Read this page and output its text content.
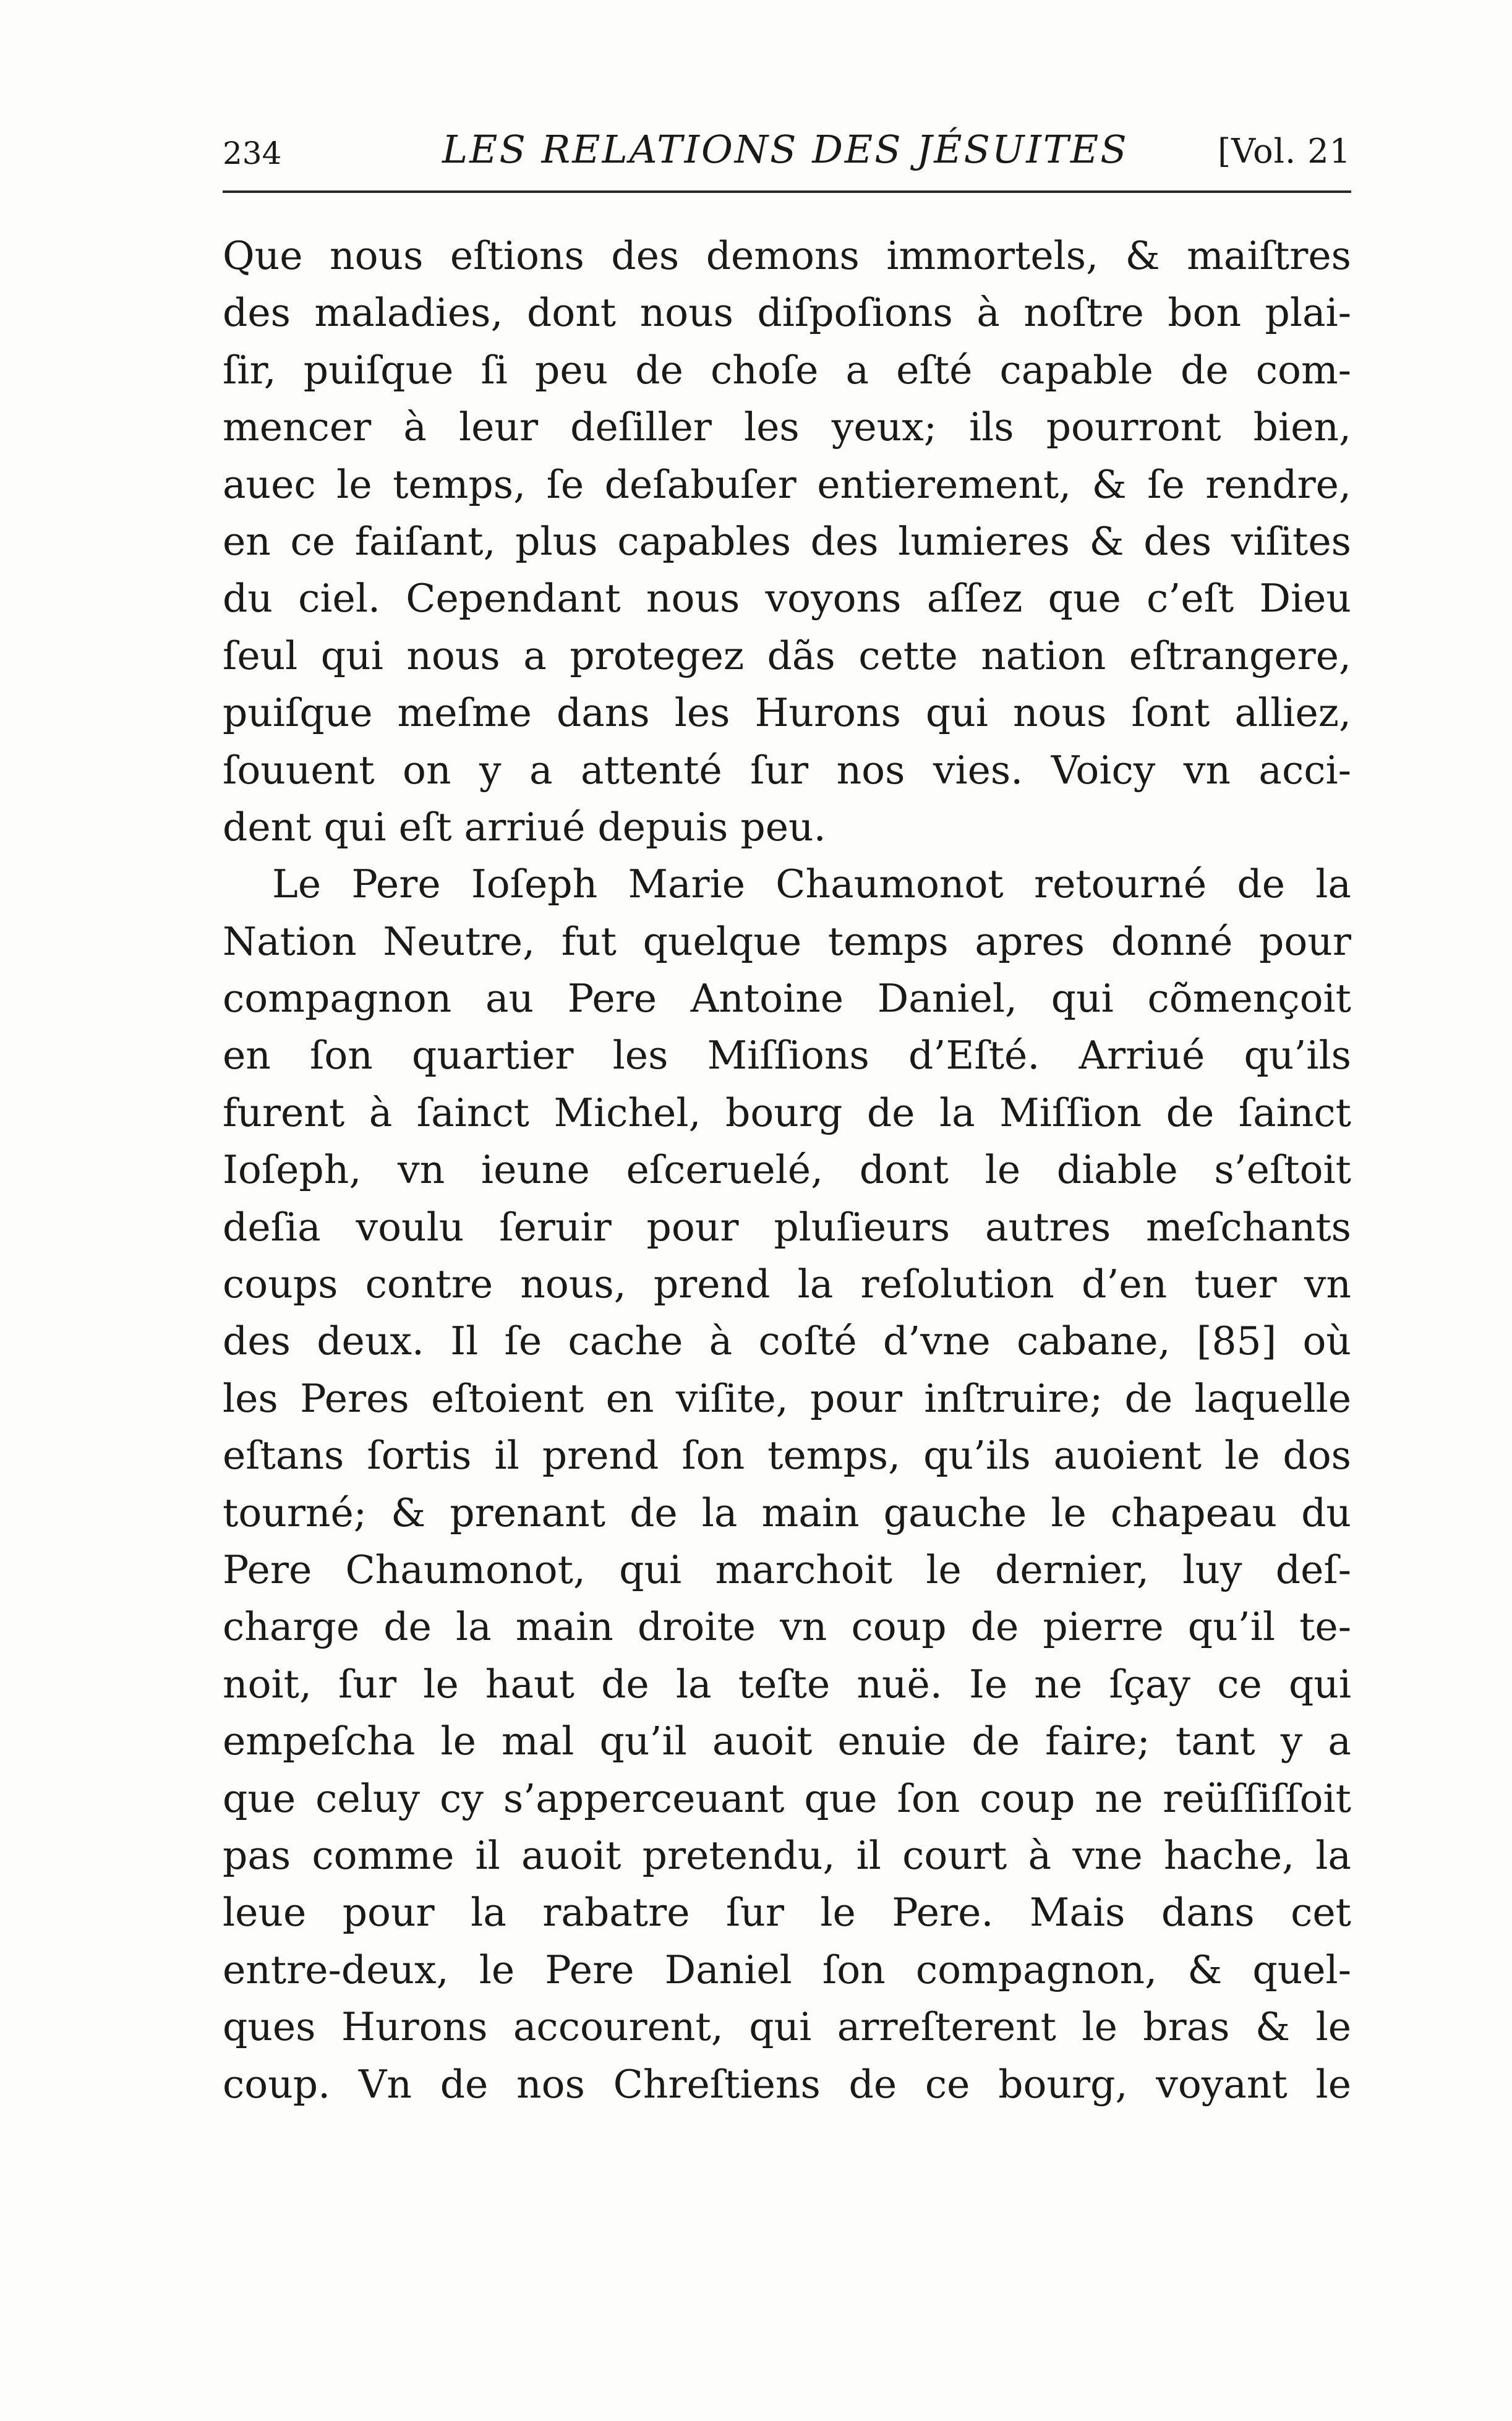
234	LES RELATIONS DES JÉSUITES	[Vol. 21
Que nous eſtions des demons immortels, & maiſtres
des maladies, dont nous diſpoſions à noſtre bon plai-
ſir, puiſque ſi peu de choſe a eſté capable de com-
mencer à leur deſiller les yeux; ils pourront bien,
auec le temps, ſe deſabuſer entierement, & ſe rendre,
en ce faiſant, plus capables des lumieres & des viſites
du ciel. Cependant nous voyons aſſez que c’eſt Dieu
ſeul qui nous a protegez dãs cette nation eſtrangere,
puiſque meſme dans les Hurons qui nous ſont alliez,
ſouuent on y a attenté ſur nos vies. Voicy vn acci-
dent qui eſt arriué depuis peu.
Le Pere Ioſeph Marie Chaumonot retourné de la
Nation Neutre, fut quelque temps apres donné pour
compagnon au Pere Antoine Daniel, qui cõmençoit
en ſon quartier les Miſſions d’Eſté. Arriué qu’ils
furent à ſainct Michel, bourg de la Miſſion de ſainct
Ioſeph, vn ieune eſceruelé, dont le diable s’eſtoit
deſia voulu ſeruir pour pluſieurs autres meſchants
coups contre nous, prend la reſolution d’en tuer vn
des deux. Il ſe cache à coſté d’vne cabane, [85] où
les Peres eſtoient en viſite, pour inſtruire; de laquelle
eſtans ſortis il prend ſon temps, qu’ils auoient le dos
tourné; & prenant de la main gauche le chapeau du
Pere Chaumonot, qui marchoit le dernier, luy deſ-
charge de la main droite vn coup de pierre qu’il te-
noit, ſur le haut de la teſte nuë. Ie ne ſçay ce qui
empeſcha le mal qu’il auoit enuie de faire; tant y a
que celuy cy s’apperceuant que ſon coup ne reüſſiſſoit
pas comme il auoit pretendu, il court à vne hache, la
leue pour la rabatre ſur le Pere. Mais dans cet
entre-deux, le Pere Daniel ſon compagnon, & quel-
ques Hurons accourent, qui arreſterent le bras & le
coup. Vn de nos Chreſtiens de ce bourg, voyant le
